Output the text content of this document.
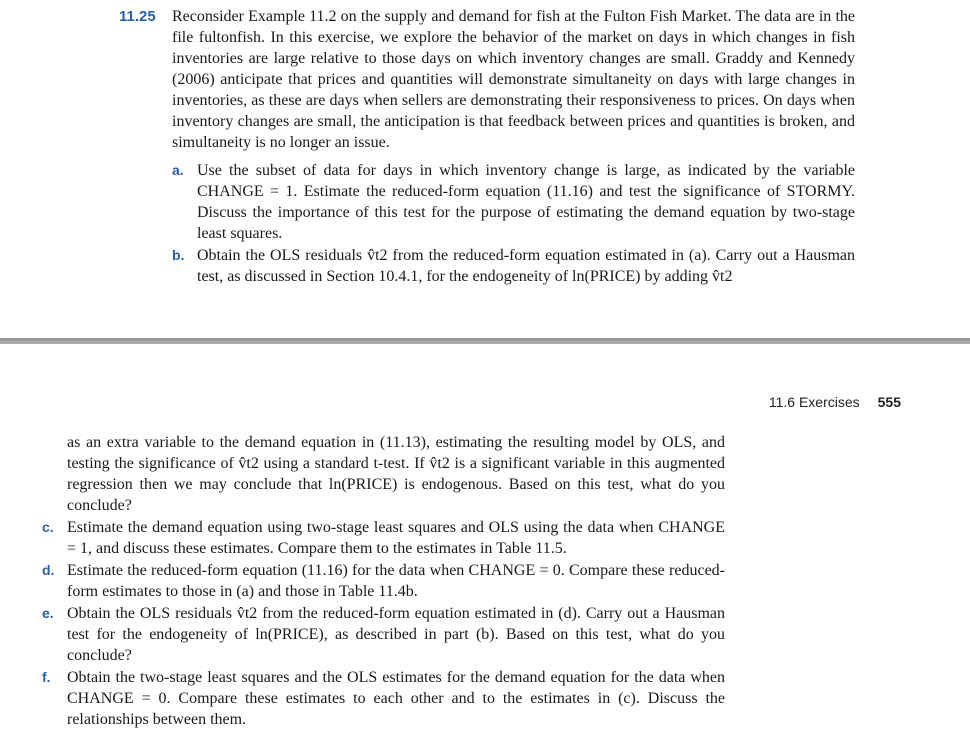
11.25 Reconsider Example 11.2 on the supply and demand for fish at the Fulton Fish Market. The data are in the file fultonfish. In this exercise, we explore the behavior of the market on days in which changes in fish inventories are large relative to those days on which inventory changes are small. Graddy and Kennedy (2006) anticipate that prices and quantities will demonstrate simultaneity on days with large changes in inventories, as these are days when sellers are demonstrating their responsiveness to prices. On days when inventory changes are small, the anticipation is that feedback between prices and quantities is broken, and simultaneity is no longer an issue.
a. Use the subset of data for days in which inventory change is large, as indicated by the variable CHANGE = 1. Estimate the reduced-form equation (11.16) and test the significance of STORMY. Discuss the importance of this test for the purpose of estimating the demand equation by two-stage least squares.
b. Obtain the OLS residuals v̂t2 from the reduced-form equation estimated in (a). Carry out a Hausman test, as discussed in Section 10.4.1, for the endogeneity of ln(PRICE) by adding v̂t2
11.6 Exercises 555
as an extra variable to the demand equation in (11.13), estimating the resulting model by OLS, and testing the significance of v̂t2 using a standard t-test. If v̂t2 is a significant variable in this augmented regression then we may conclude that ln(PRICE) is endogenous. Based on this test, what do you conclude?
c. Estimate the demand equation using two-stage least squares and OLS using the data when CHANGE = 1, and discuss these estimates. Compare them to the estimates in Table 11.5.
d. Estimate the reduced-form equation (11.16) for the data when CHANGE = 0. Compare these reduced-form estimates to those in (a) and those in Table 11.4b.
e. Obtain the OLS residuals v̂t2 from the reduced-form equation estimated in (d). Carry out a Hausman test for the endogeneity of ln(PRICE), as described in part (b). Based on this test, what do you conclude?
f. Obtain the two-stage least squares and the OLS estimates for the demand equation for the data when CHANGE = 0. Compare these estimates to each other and to the estimates in (c). Discuss the relationships between them.
